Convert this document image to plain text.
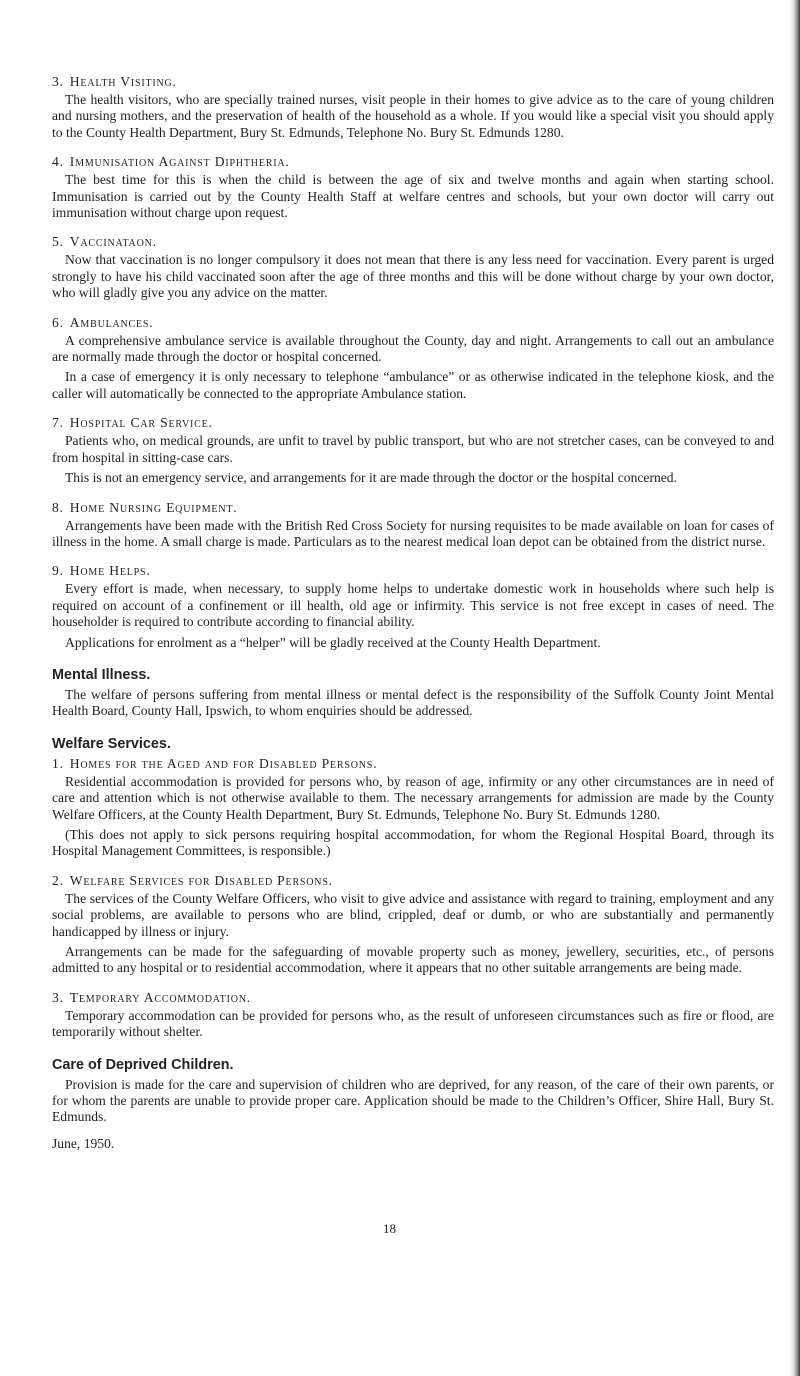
3. Health Visiting.

The health visitors, who are specially trained nurses, visit people in their homes to give advice as to the care of young children and nursing mothers, and the preservation of health of the household as a whole. If you would like a special visit you should apply to the County Health Department, Bury St. Edmunds, Telephone No. Bury St. Edmunds 1280.

4. Immunisation Against Diphtheria.

The best time for this is when the child is between the age of six and twelve months and again when starting school. Immunisation is carried out by the County Health Staff at welfare centres and schools, but your own doctor will carry out immunisation without charge upon request.

5. Vaccinataon.

Now that vaccination is no longer compulsory it does not mean that there is any less need for vaccination. Every parent is urged strongly to have his child vaccinated soon after the age of three months and this will be done without charge by your own doctor, who will gladly give you any advice on the matter.

6. Ambulances.

A comprehensive ambulance service is available throughout the County, day and night. Arrangements to call out an ambulance are normally made through the doctor or hospital concerned.

In a case of emergency it is only necessary to telephone “ambulance” or as otherwise indicated in the telephone kiosk, and the caller will automatically be connected to the appropriate Ambulance station.

7. Hospital Car Service.

Patients who, on medical grounds, are unfit to travel by public transport, but who are not stretcher cases, can be conveyed to and from hospital in sitting-case cars.

This is not an emergency service, and arrangements for it are made through the doctor or the hospital concerned.

8. Home Nursing Equipment.

Arrangements have been made with the British Red Cross Society for nursing requisites to be made available on loan for cases of illness in the home. A small charge is made. Particulars as to the nearest medical loan depot can be obtained from the district nurse.

9. Home Helps.

Every effort is made, when necessary, to supply home helps to undertake domestic work in households where such help is required on account of a confinement or ill health, old age or infirmity. This service is not free except in cases of need. The householder is required to contribute according to financial ability.

Applications for enrolment as a “helper” will be gladly received at the County Health Department.

Mental Illness.

The welfare of persons suffering from mental illness or mental defect is the responsibility of the Suffolk County Joint Mental Health Board, County Hall, Ipswich, to whom enquiries should be addressed.

Welfare Services.
1. Homes for the Aged and for Disabled Persons.

Residential accommodation is provided for persons who, by reason of age, infirmity or any other circumstances are in need of care and attention which is not otherwise available to them. The necessary arrangements for admission are made by the County Welfare Officers, at the County Health Department, Bury St. Edmunds, Telephone No. Bury St. Edmunds 1280.

(This does not apply to sick persons requiring hospital accommodation, for whom the Regional Hospital Board, through its Hospital Management Committees, is responsible.)

2. Welfare Services for Disabled Persons.

The services of the County Welfare Officers, who visit to give advice and assistance with regard to training, employment and any social problems, are available to persons who are blind, crippled, deaf or dumb, or who are substantially and permanently handicapped by illness or injury.

Arrangements can be made for the safeguarding of movable property such as money, jewellery, securities, etc., of persons admitted to any hospital or to residential accommodation, where it appears that no other suitable arrangements are being made.

3. Temporary Accommodation.

Temporary accommodation can be provided for persons who, as the result of unforeseen circumstances such as fire or flood, are temporarily without shelter.

Care of Deprived Children.

Provision is made for the care and supervision of children who are deprived, for any reason, of the care of their own parents, or for whom the parents are unable to provide proper care. Application should be made to the Children’s Officer, Shire Hall, Bury St. Edmunds.

June, 1950.
18
